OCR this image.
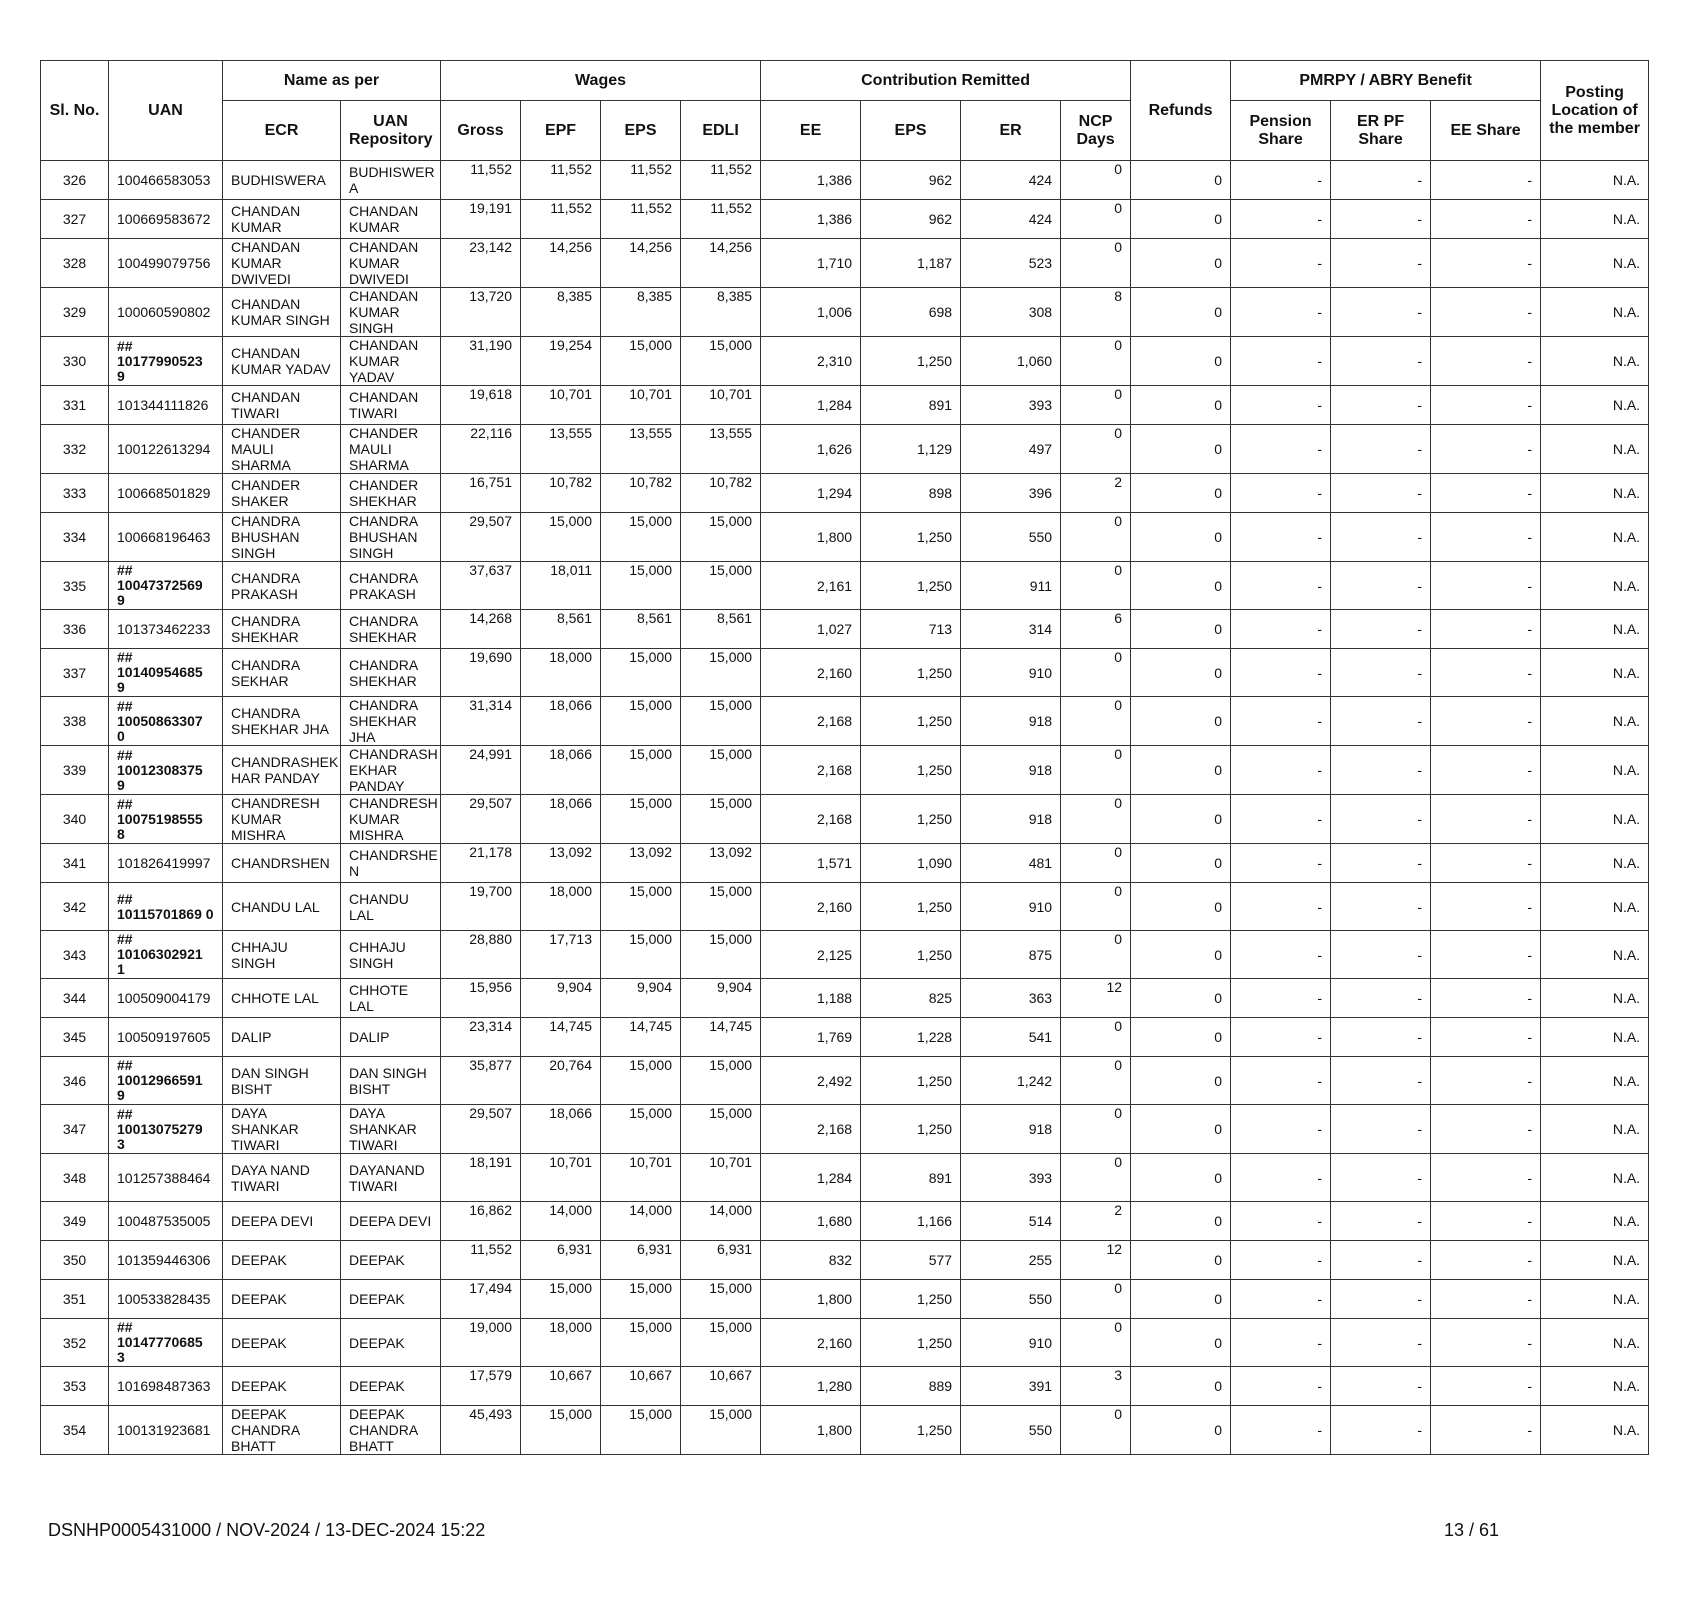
Sl. No.	UAN	Name as per		Wages				Contribution Remitted				Refunds	PMRPY / ABRY Benefit			Posting Location of the member
		ECR	UAN Repository	Gross	EPF	EPS	EDLI	EE	EPS	ER	NCP Days		Pension Share	ER PF Share	EE Share	
326	100466583053	BUDHISWERA	BUDHISWER A	11,552	11,552	11,552	11,552	1,386	962	424	0	0	-	-	-	N.A.
327	100669583672	CHANDAN KUMAR	CHANDAN KUMAR	19,191	11,552	11,552	11,552	1,386	962	424	0	0	-	-	-	N.A.
328	100499079756	CHANDAN KUMAR DWIVEDI	CHANDAN KUMAR DWIVEDI	23,142	14,256	14,256	14,256	1,710	1,187	523	0	0	-	-	-	N.A.
329	100060590802	CHANDAN KUMAR SINGH	CHANDAN KUMAR SINGH	13,720	8,385	8,385	8,385	1,006	698	308	8	0	-	-	-	N.A.
330	## 10177990523 9	CHANDAN KUMAR YADAV	CHANDAN KUMAR YADAV	31,190	19,254	15,000	15,000	2,310	1,250	1,060	0	0	-	-	-	N.A.
331	101344111826	CHANDAN TIWARI	CHANDAN TIWARI	19,618	10,701	10,701	10,701	1,284	891	393	0	0	-	-	-	N.A.
332	100122613294	CHANDER MAULI SHARMA	CHANDER MAULI SHARMA	22,116	13,555	13,555	13,555	1,626	1,129	497	0	0	-	-	-	N.A.
333	100668501829	CHANDER SHAKER	CHANDER SHEKHAR	16,751	10,782	10,782	10,782	1,294	898	396	2	0	-	-	-	N.A.
334	100668196463	CHANDRA BHUSHAN SINGH	CHANDRA BHUSHAN SINGH	29,507	15,000	15,000	15,000	1,800	1,250	550	0	0	-	-	-	N.A.
335	## 10047372569 9	CHANDRA PRAKASH	CHANDRA PRAKASH	37,637	18,011	15,000	15,000	2,161	1,250	911	0	0	-	-	-	N.A.
336	101373462233	CHANDRA SHEKHAR	CHANDRA SHEKHAR	14,268	8,561	8,561	8,561	1,027	713	314	6	0	-	-	-	N.A.
337	## 10140954685 9	CHANDRA SEKHAR	CHANDRA SHEKHAR	19,690	18,000	15,000	15,000	2,160	1,250	910	0	0	-	-	-	N.A.
338	## 10050863307 0	CHANDRA SHEKHAR JHA	CHANDRA SHEKHAR JHA	31,314	18,066	15,000	15,000	2,168	1,250	918	0	0	-	-	-	N.A.
339	## 10012308375 9	CHANDRASHEK HAR PANDAY	CHANDRASH EKHAR PANDAY	24,991	18,066	15,000	15,000	2,168	1,250	918	0	0	-	-	-	N.A.
340	## 10075198555 8	CHANDRESH KUMAR MISHRA	CHANDRESH KUMAR MISHRA	29,507	18,066	15,000	15,000	2,168	1,250	918	0	0	-	-	-	N.A.
341	101826419997	CHANDRSHEN	CHANDRSHE N	21,178	13,092	13,092	13,092	1,571	1,090	481	0	0	-	-	-	N.A.
342	## 10115701869 0	CHANDU LAL	CHANDU LAL	19,700	18,000	15,000	15,000	2,160	1,250	910	0	0	-	-	-	N.A.
343	## 10106302921 1	CHHAJU SINGH	CHHAJU SINGH	28,880	17,713	15,000	15,000	2,125	1,250	875	0	0	-	-	-	N.A.
344	100509004179	CHHOTE LAL	CHHOTE LAL	15,956	9,904	9,904	9,904	1,188	825	363	12	0	-	-	-	N.A.
345	100509197605	DALIP	DALIP	23,314	14,745	14,745	14,745	1,769	1,228	541	0	0	-	-	-	N.A.
346	## 10012966591 9	DAN SINGH BISHT	DAN SINGH BISHT	35,877	20,764	15,000	15,000	2,492	1,250	1,242	0	0	-	-	-	N.A.
347	## 10013075279 3	DAYA SHANKAR TIWARI	DAYA SHANKAR TIWARI	29,507	18,066	15,000	15,000	2,168	1,250	918	0	0	-	-	-	N.A.
348	101257388464	DAYA NAND TIWARI	DAYANAND TIWARI	18,191	10,701	10,701	10,701	1,284	891	393	0	0	-	-	-	N.A.
349	100487535005	DEEPA DEVI	DEEPA DEVI	16,862	14,000	14,000	14,000	1,680	1,166	514	2	0	-	-	-	N.A.
350	101359446306	DEEPAK	DEEPAK	11,552	6,931	6,931	6,931	832	577	255	12	0	-	-	-	N.A.
351	100533828435	DEEPAK	DEEPAK	17,494	15,000	15,000	15,000	1,800	1,250	550	0	0	-	-	-	N.A.
352	## 10147770685 3	DEEPAK	DEEPAK	19,000	18,000	15,000	15,000	2,160	1,250	910	0	0	-	-	-	N.A.
353	101698487363	DEEPAK	DEEPAK	17,579	10,667	10,667	10,667	1,280	889	391	3	0	-	-	-	N.A.
354	100131923681	DEEPAK CHANDRA BHATT	DEEPAK CHANDRA BHATT	45,493	15,000	15,000	15,000	1,800	1,250	550	0	0	-	-	-	N.A.
DSNHP0005431000 / NOV-2024 / 13-DEC-2024 15:22	13 / 61
